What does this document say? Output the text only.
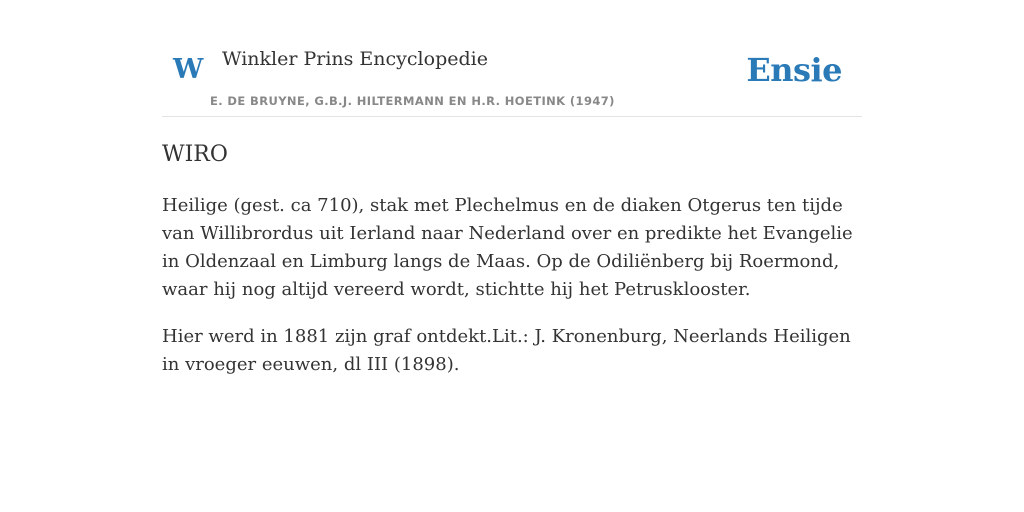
W Winkler Prins Encyclopedie
E. DE BRUYNE, G.B.J. HILTERMANN EN H.R. HOETINK (1947)
Ensie
WIRO

Heilige (gest. ca 710), stak met Plechelmus en de diaken Otgerus ten tijde van Willibrordus uit Ierland naar Nederland over en predikte het Evangelie in Oldenzaal en Limburg langs de Maas. Op de Odiliënberg bij Roermond, waar hij nog altijd vereerd wordt, stichtte hij het Petrusklooster.

Hier werd in 1881 zijn graf ontdekt.Lit.: J. Kronenburg, Neerlands Heiligen in vroeger eeuwen, dl III (1898).
